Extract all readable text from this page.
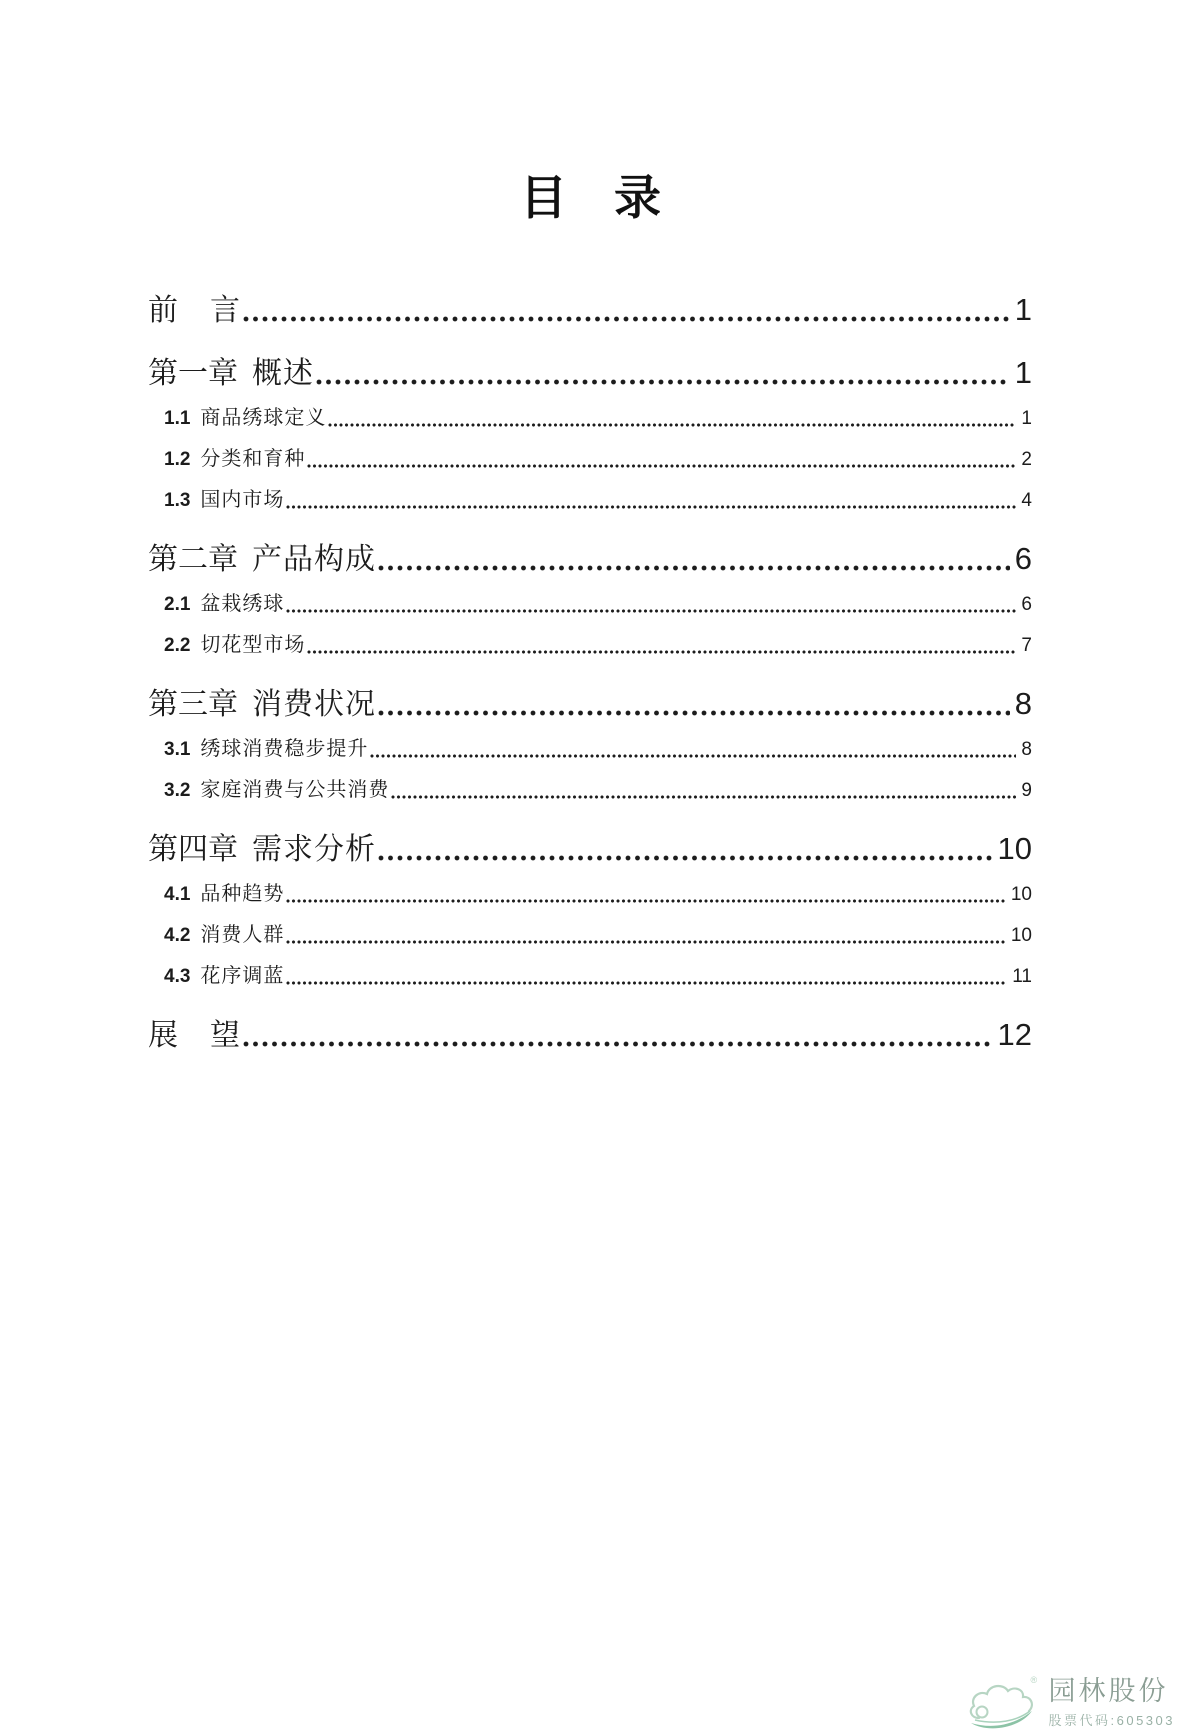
目　录
前　言	1
第一章 概述	1
1.1 商品绣球定义	1
1.2 分类和育种	2
1.3 国内市场	4
第二章 产品构成	6
2.1 盆栽绣球	6
2.2 切花型市场	7
第三章 消费状况	8
3.1 绣球消费稳步提升	8
3.2 家庭消费与公共消费	9
第四章 需求分析	10
4.1 品种趋势	10
4.2 消费人群	10
4.3 花序调蓝	11
展　望	12
® 园林股份
股票代码:605303
